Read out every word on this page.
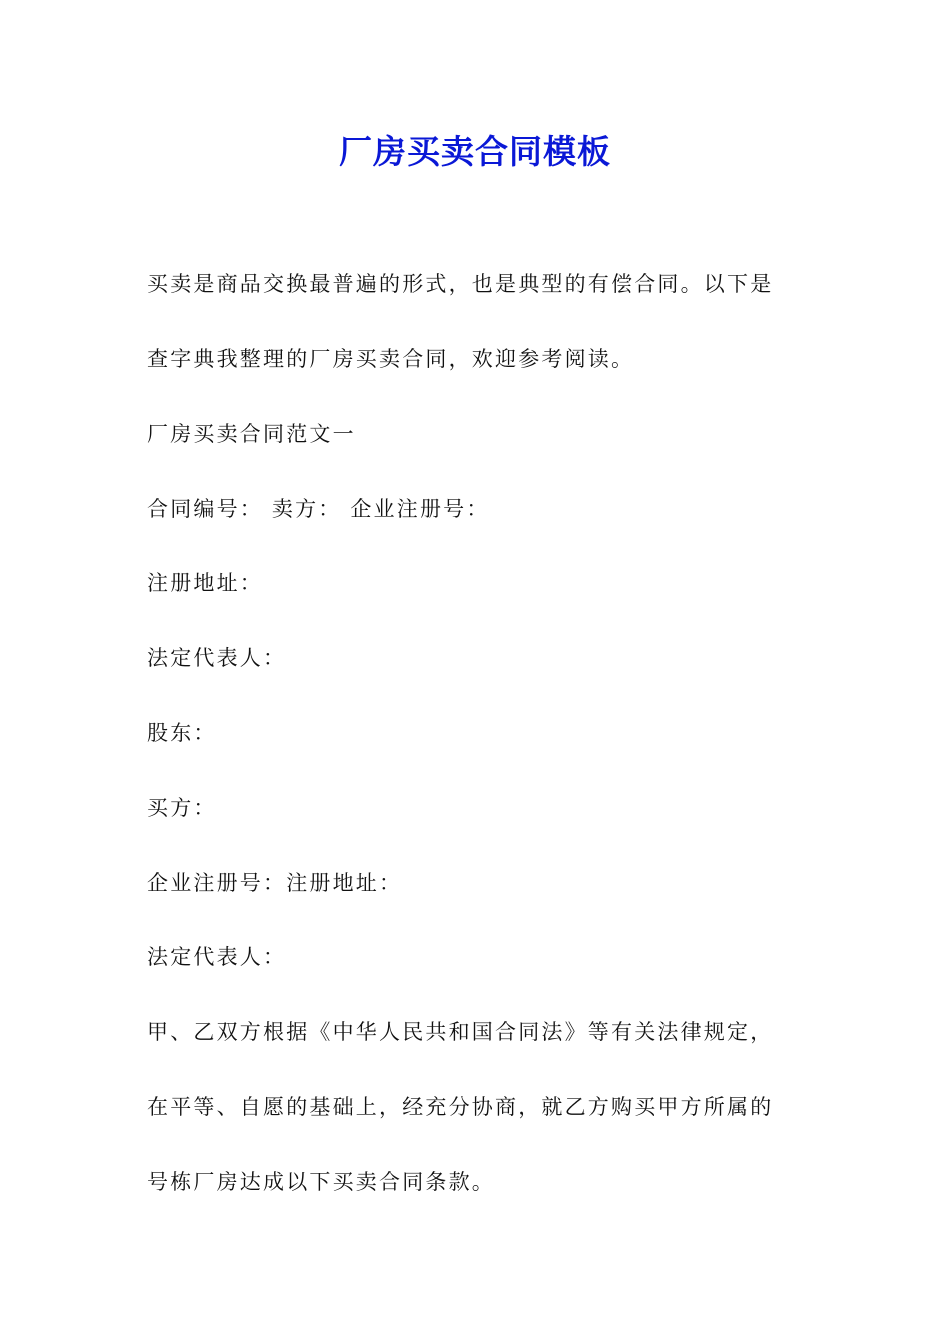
厂房买卖合同模板
买卖是商品交换最普遍的形式，也是典型的有偿合同。以下是
查字典我整理的厂房买卖合同，欢迎参考阅读。
厂房买卖合同范文一
合同编号： 卖方： 企业注册号：
注册地址：
法定代表人：
股东：
买方：
企业注册号：注册地址：
法定代表人：
甲、乙双方根据《中华人民共和国合同法》等有关法律规定，
在平等、自愿的基础上，经充分协商，就乙方购买甲方所属的
号栋厂房达成以下买卖合同条款。
